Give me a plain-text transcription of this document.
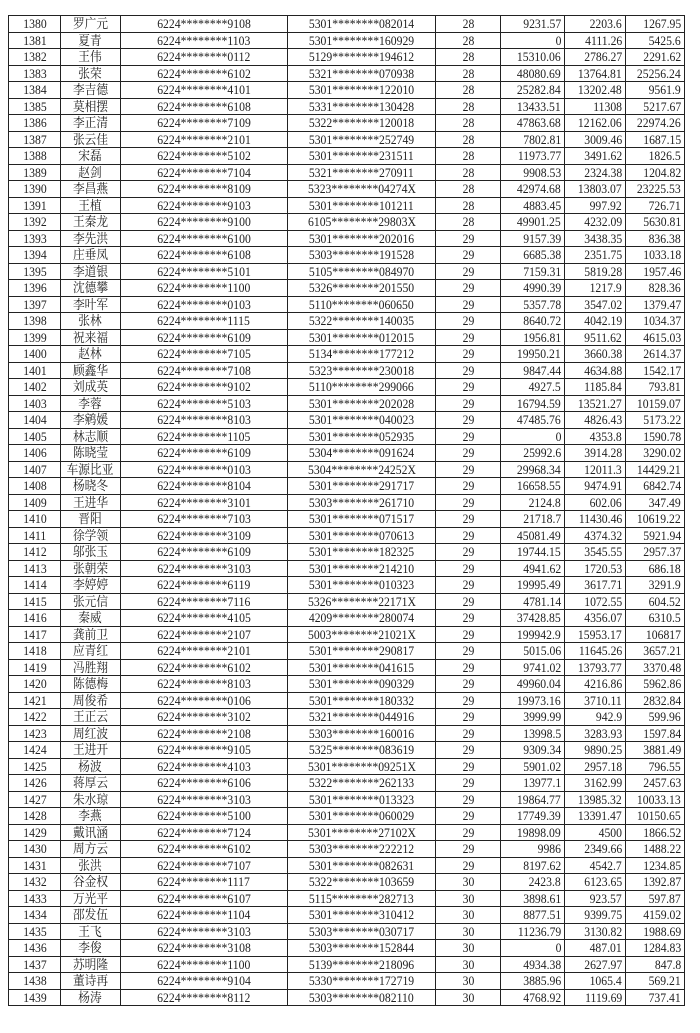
1380	罗广元	6224********9108	5301********082014	28	9231.57	2203.6	1267.95
1381	夏青	6224********1103	5301********160929	28	0	4111.26	5425.6
1382	王伟	6224********0112	5129********194612	28	15310.06	2786.27	2291.62
1383	张荣	6224********6102	5321********070938	28	48080.69	13764.81	25256.24
1384	李吉德	6224********4101	5301********122010	28	25282.84	13202.48	9561.9
1385	莫相摆	6224********6108	5331********130428	28	13433.51	11308	5217.67
1386	李正清	6224********7109	5322********120018	28	47863.68	12162.06	22974.26
1387	张云佳	6224********2101	5301********252749	28	7802.81	3009.46	1687.15
1388	宋磊	6224********5102	5301********231511	28	11973.77	3491.62	1826.5
1389	赵剑	6224********7104	5321********270911	28	9908.53	2324.38	1204.82
1390	李昌燕	6224********8109	5323********04274X	28	42974.68	13803.07	23225.53
1391	王植	6224********9103	5301********101211	28	4883.45	997.92	726.71
1392	王秦龙	6224********9100	6105********29803X	28	49901.25	4232.09	5630.81
1393	李先洪	6224********6100	5301********202016	29	9157.39	3438.35	836.38
1394	庄垂凤	6224********6108	5303********191528	29	6685.38	2351.75	1033.18
1395	李道银	6224********5101	5105********084970	29	7159.31	5819.28	1957.46
1396	沈德攀	6224********1100	5326********201550	29	4990.39	1217.9	828.36
1397	李叶军	6224********0103	5110********060650	29	5357.78	3547.02	1379.47
1398	张林	6224********1115	5322********140035	29	8640.72	4042.19	1034.37
1399	祝来福	6224********6109	5301********012015	29	1956.81	9511.62	4615.03
1400	赵林	6224********7105	5134********177212	29	19950.21	3660.38	2614.37
1401	顾鑫华	6224********7108	5323********230018	29	9847.44	4634.88	1542.17
1402	刘成英	6224********9102	5110********299066	29	4927.5	1185.84	793.81
1403	李蓉	6224********5103	5301********202028	29	16794.59	13521.27	10159.07
1404	李鹓媛	6224********8103	5301********040023	29	47485.76	4826.43	5173.22
1405	林志顺	6224********1105	5301********052935	29	0	4353.8	1590.78
1406	陈晓莹	6224********6109	5304********091624	29	25992.6	3914.28	3290.02
1407	车源比亚	6224********0103	5304********24252X	29	29968.34	12011.3	14429.21
1408	杨晓冬	6224********8104	5301********291717	29	16658.55	9474.91	6842.74
1409	王进华	6224********3101	5303********261710	29	2124.8	602.06	347.49
1410	晋阳	6224********7103	5301********071517	29	21718.7	11430.46	10619.22
1411	徐学领	6224********3109	5301********070613	29	45081.49	4374.32	5921.94
1412	邬张玉	6224********6109	5301********182325	29	19744.15	3545.55	2957.37
1413	张朝荣	6224********3103	5301********214210	29	4941.62	1720.53	686.18
1414	李婷婷	6224********6119	5301********010323	29	19995.49	3617.71	3291.9
1415	张元信	6224********7116	5326********22171X	29	4781.14	1072.55	604.52
1416	秦威	6224********4105	4209********280074	29	37428.85	4356.07	6310.5
1417	龚前卫	6224********2107	5003********21021X	29	199942.9	15953.17	106817
1418	应青红	6224********2101	5301********290817	29	5015.06	11645.26	3657.21
1419	冯胜翔	6224********6102	5301********041615	29	9741.02	13793.77	3370.48
1420	陈德梅	6224********8103	5301********090329	29	49960.04	4216.86	5962.86
1421	周俊希	6224********0106	5301********180332	29	19973.16	3710.11	2832.84
1422	王正云	6224********3102	5321********044916	29	3999.99	942.9	599.96
1423	周红波	6224********2108	5303********160016	29	13998.5	3283.93	1597.84
1424	王进开	6224********9105	5325********083619	29	9309.34	9890.25	3881.49
1425	杨波	6224********4103	5301********09251X	29	5901.02	2957.18	796.55
1426	蒋厚云	6224********6106	5322********262133	29	13977.1	3162.99	2457.63
1427	朱水琼	6224********3103	5301********013323	29	19864.77	13985.32	10033.13
1428	李燕	6224********5100	5301********060029	29	17749.39	13391.47	10150.65
1429	戴讯涵	6224********7124	5301********27102X	29	19898.09	4500	1866.52
1430	周方云	6224********6102	5303********222212	29	9986	2349.66	1488.22
1431	张洪	6224********7107	5301********082631	29	8197.62	4542.7	1234.85
1432	谷金权	6224********1117	5322********103659	30	2423.8	6123.65	1392.87
1433	万光平	6224********6107	5115********282713	30	3898.61	923.57	597.87
1434	邵发伍	6224********1104	5301********310412	30	8877.51	9399.75	4159.02
1435	王飞	6224********3103	5303********030717	30	11236.79	3130.82	1988.69
1436	李俊	6224********3108	5303********152844	30	0	487.01	1284.83
1437	苏明隆	6224********1100	5139********218096	30	4934.38	2627.97	847.8
1438	董诗再	6224********9104	5330********172719	30	3885.96	1065.4	569.21
1439	杨涛	6224********8112	5303********082110	30	4768.92	1119.69	737.41
